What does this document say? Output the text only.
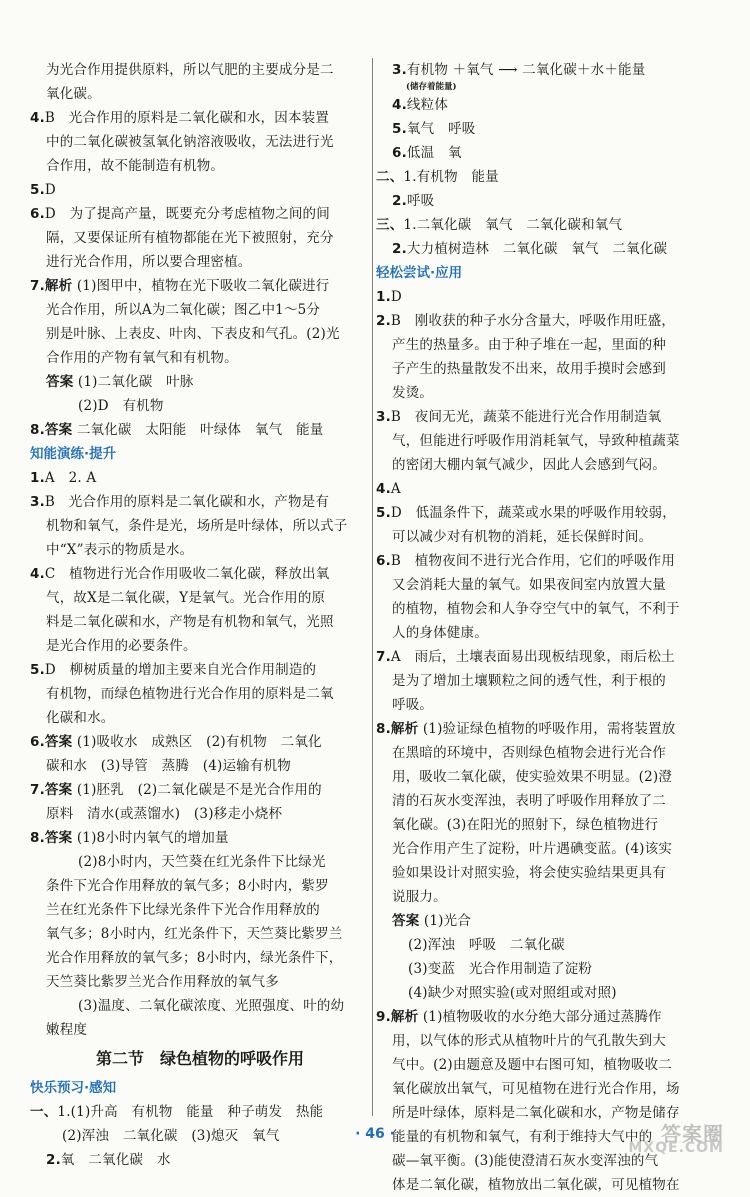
为光合作用提供原料，所以气肥的主要成分是二
氧化碳。
4.B　光合作用的原料是二氧化碳和水，因本装置
中的二氧化碳被氢氧化钠溶液吸收，无法进行光
合作用，故不能制造有机物。
5.D
6.D　为了提高产量，既要充分考虑植物之间的间
隔，又要保证所有植物都能在光下被照射，充分
进行光合作用，所以要合理密植。
7.解析 (1)图甲中，植物在光下吸收二氧化碳进行
光合作用，所以A为二氧化碳；图乙中1～5分
别是叶脉、上表皮、叶肉、下表皮和气孔。(2)光
合作用的产物有氧气和有机物。
答案 (1)二氧化碳　叶脉
(2)D　有机物
8.答案 二氧化碳　太阳能　叶绿体　氧气　能量
知能演练·提升
1.A　2. A
3.B　光合作用的原料是二氧化碳和水，产物是有
机物和氧气，条件是光，场所是叶绿体，所以式子
中“X”表示的物质是水。
4.C　植物进行光合作用吸收二氧化碳，释放出氧
气，故X是二氧化碳，Y是氧气。光合作用的原
料是二氧化碳和水，产物是有机物和氧气，光照
是光合作用的必要条件。
5.D　柳树质量的增加主要来自光合作用制造的
有机物，而绿色植物进行光合作用的原料是二氧
化碳和水。
6.答案 (1)吸收水　成熟区　(2)有机物　二氧化
碳和水　(3)导管　蒸腾　(4)运输有机物
7.答案 (1)胚乳　(2)二氧化碳是不是光合作用的
原料　清水(或蒸馏水)　(3)移走小烧杯
8.答案 (1)8小时内氧气的增加量
(2)8小时内，天竺葵在红光条件下比绿光
条件下光合作用释放的氧气多；8小时内，紫罗
兰在红光条件下比绿光条件下光合作用释放的
氧气多；8小时内，红光条件下，天竺葵比紫罗兰
光合作用释放的氧气多；8小时内，绿光条件下，
天竺葵比紫罗兰光合作用释放的氧气多
(3)温度、二氧化碳浓度、光照强度、叶的幼
嫩程度
第二节　绿色植物的呼吸作用
快乐预习·感知
一、1.(1)升高　有机物　能量　种子萌发　热能
(2)浑浊　二氧化碳　(3)熄灭　氧气
2.氧　二氧化碳　水
3.有机物 ＋氧气 ⟶ 二氧化碳＋水＋能量
(储存着能量)
4.线粒体
5.氧气　呼吸
6.低温　氧
二、1.有机物　能量
2.呼吸
三、1.二氧化碳　氧气　二氧化碳和氧气
2.大力植树造林　二氧化碳　氧气　二氧化碳
轻松尝试·应用
1.D
2.B　刚收获的种子水分含量大，呼吸作用旺盛，
产生的热量多。由于种子堆在一起，里面的种
子产生的热量散发不出来，故用手摸时会感到
发烫。
3.B　夜间无光，蔬菜不能进行光合作用制造氧
气，但能进行呼吸作用消耗氧气，导致种植蔬菜
的密闭大棚内氧气减少，因此人会感到气闷。
4.A
5.D　低温条件下，蔬菜或水果的呼吸作用较弱，
可以减少对有机物的消耗，延长保鲜时间。
6.B　植物夜间不进行光合作用，它们的呼吸作用
又会消耗大量的氧气。如果夜间室内放置大量
的植物，植物会和人争夺空气中的氧气，不利于
人的身体健康。
7.A　雨后，土壤表面易出现板结现象，雨后松土
是为了增加土壤颗粒之间的透气性，利于根的
呼吸。
8.解析 (1)验证绿色植物的呼吸作用，需将装置放
在黑暗的环境中，否则绿色植物会进行光合作
用，吸收二氧化碳，使实验效果不明显。(2)澄
清的石灰水变浑浊，表明了呼吸作用释放了二
氧化碳。(3)在阳光的照射下，绿色植物进行
光合作用产生了淀粉，叶片遇碘变蓝。(4)该实
验如果设计对照实验，将会使实验结果更具有
说服力。
答案 (1)光合
(2)浑浊　呼吸　二氧化碳
(3)变蓝　光合作用制造了淀粉
(4)缺少对照实验(或对照组或对照)
9.解析 (1)植物吸收的水分绝大部分通过蒸腾作
用，以气体的形式从植物叶片的气孔散失到大
气中。(2)由题意及题中右图可知，植物吸收二
氧化碳放出氧气，可见植物在进行光合作用，场
所是叶绿体，原料是二氧化碳和水，产物是储存
能量的有机物和氧气，有利于维持大气中的
碳—氧平衡。(3)能使澄清石灰水变浑浊的气
体是二氧化碳，植物放出二氧化碳，可见植物在
· 46 ·	答案圈
MXQE.COM
